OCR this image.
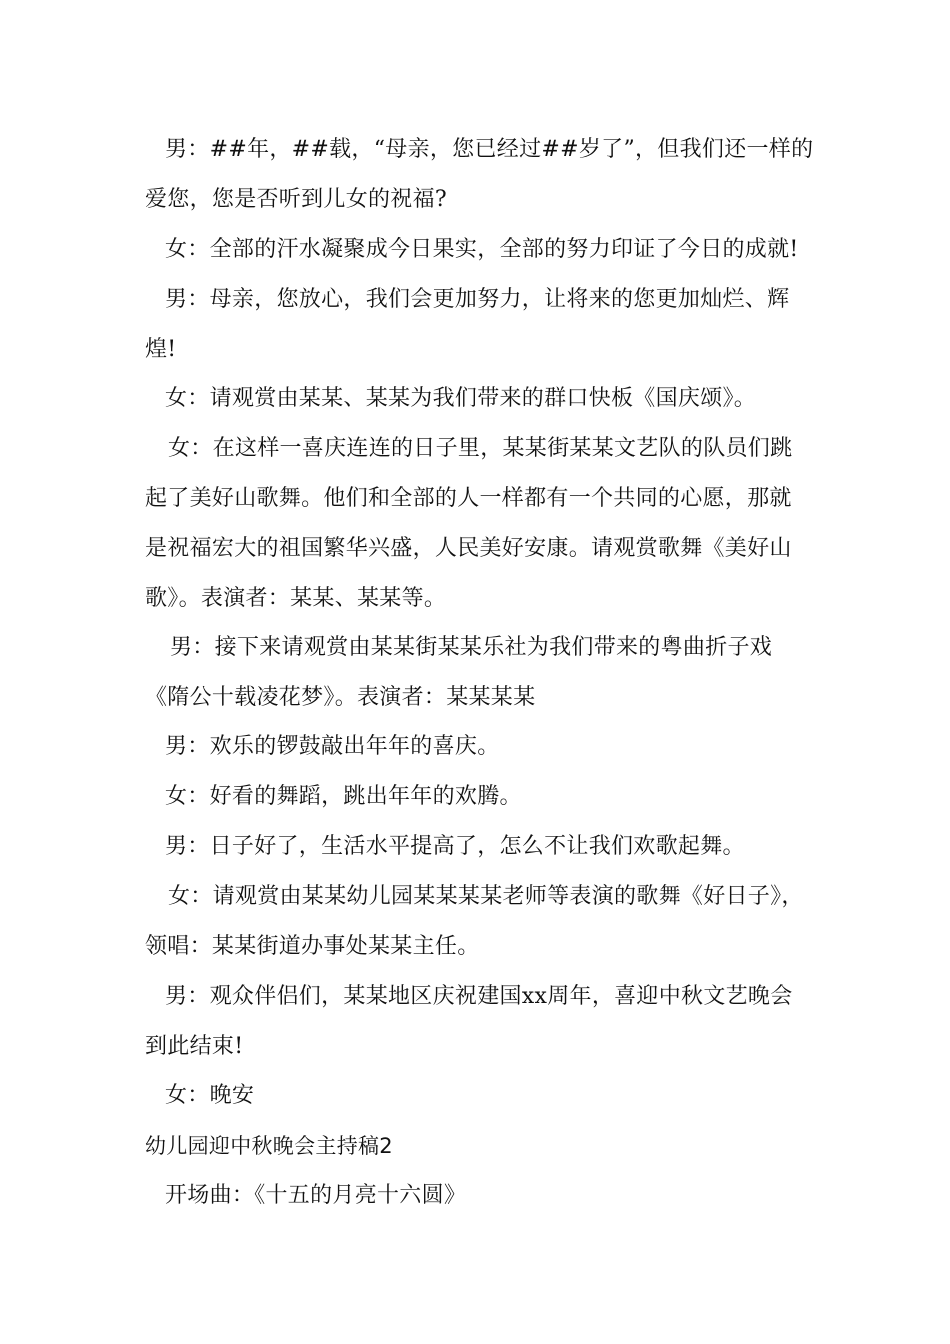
男：##年，##载，“母亲，您已经过##岁了”，但我们还一样的
爱您，您是否听到儿女的祝福?
女：全部的汗水凝聚成今日果实，全部的努力印证了今日的成就!
男：母亲，您放心，我们会更加努力，让将来的您更加灿烂、辉
煌!
女：请观赏由某某、某某为我们带来的群口快板《国庆颂》。
女：在这样一喜庆连连的日子里，某某街某某文艺队的队员们跳
起了美好山歌舞。他们和全部的人一样都有一个共同的心愿，那就
是祝福宏大的祖国繁华兴盛，人民美好安康。请观赏歌舞《美好山
歌》。表演者：某某、某某等。
男：接下来请观赏由某某街某某乐社为我们带来的粤曲折子戏
《隋公十载凌花梦》。表演者：某某某某
男：欢乐的锣鼓敲出年年的喜庆。
女：好看的舞蹈，跳出年年的欢腾。
男：日子好了，生活水平提高了，怎么不让我们欢歌起舞。
女：请观赏由某某幼儿园某某某某老师等表演的歌舞《好日子》，
领唱：某某街道办事处某某主任。
男：观众伴侣们，某某地区庆祝建国xx周年，喜迎中秋文艺晚会
到此结束!
女：晚安
幼儿园迎中秋晚会主持稿2
开场曲：《十五的月亮十六圆》
